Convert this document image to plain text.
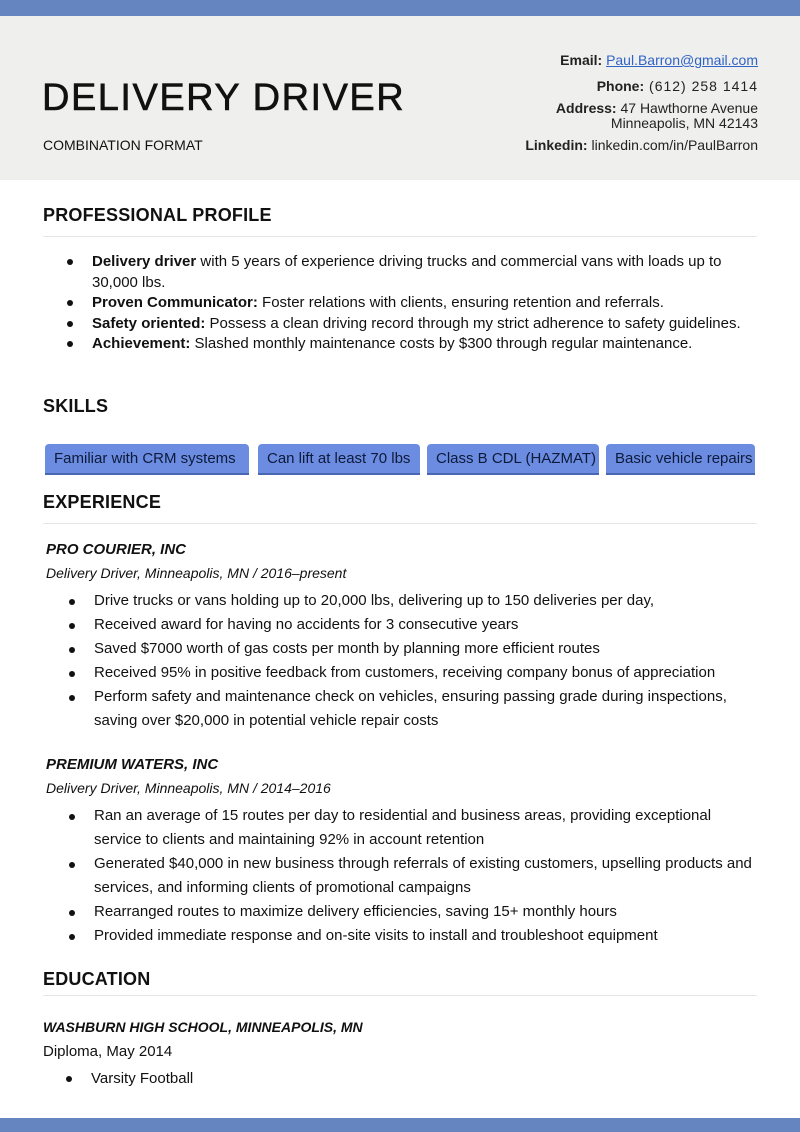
DELIVERY DRIVER
COMBINATION FORMAT
Email: Paul.Barron@gmail.com
Phone: (612) 258 1414
Address: 47 Hawthorne Avenue
Minneapolis, MN 42143
Linkedin: linkedin.com/in/PaulBarron
PROFESSIONAL PROFILE
Delivery driver with 5 years of experience driving trucks and commercial vans with loads up to 30,000 lbs.
Proven Communicator: Foster relations with clients, ensuring retention and referrals.
Safety oriented: Possess a clean driving record through my strict adherence to safety guidelines.
Achievement: Slashed monthly maintenance costs by $300 through regular maintenance.
SKILLS
Familiar with CRM systems	Can lift at least 70 lbs	Class B CDL (HAZMAT)	Basic vehicle repairs
EXPERIENCE
PRO COURIER, INC
Delivery Driver, Minneapolis, MN / 2016–present
Drive trucks or vans holding up to 20,000 lbs, delivering up to 150 deliveries per day,
Received award for having no accidents for 3 consecutive years
Saved $7000 worth of gas costs per month by planning more efficient routes
Received 95% in positive feedback from customers, receiving company bonus of appreciation
Perform safety and maintenance check on vehicles, ensuring passing grade during inspections, saving over $20,000 in potential vehicle repair costs
PREMIUM WATERS, INC
Delivery Driver, Minneapolis, MN / 2014–2016
Ran an average of 15 routes per day to residential and business areas, providing exceptional service to clients and maintaining 92% in account retention
Generated $40,000 in new business through referrals of existing customers, upselling products and services, and informing clients of promotional campaigns
Rearranged routes to maximize delivery efficiencies, saving 15+ monthly hours
Provided immediate response and on-site visits to install and troubleshoot equipment
EDUCATION
WASHBURN HIGH SCHOOL, MINNEAPOLIS, MN
Diploma, May 2014
Varsity Football
